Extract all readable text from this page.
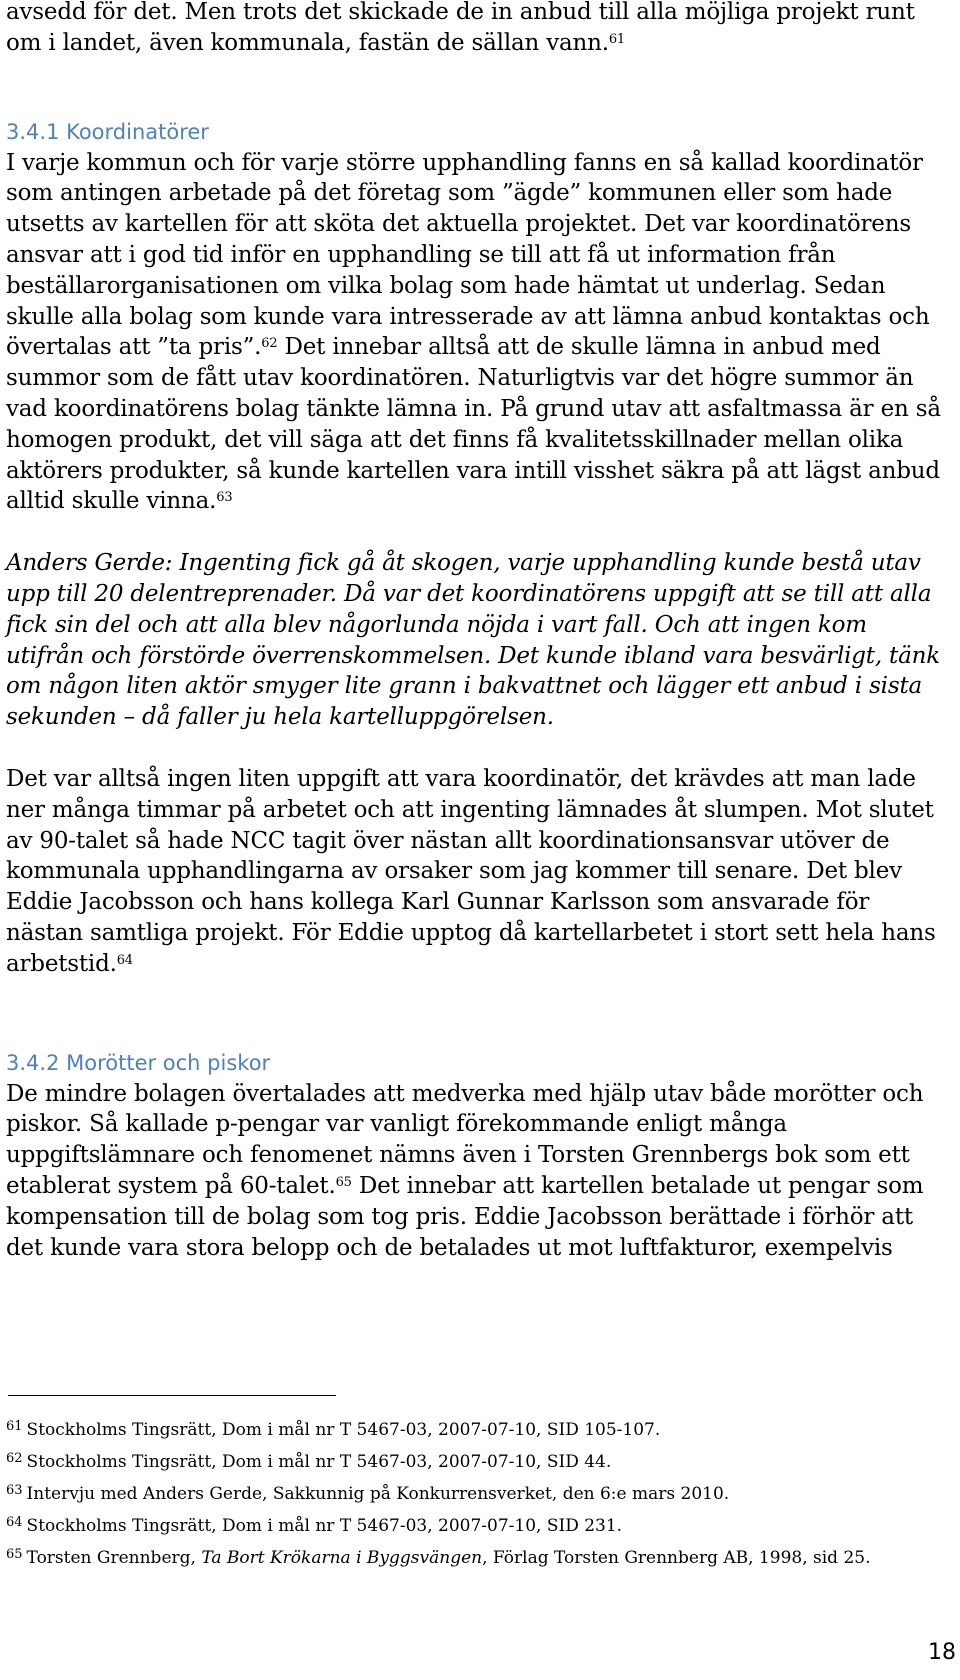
avsedd för det. Men trots det skickade de in anbud till alla möjliga projekt runt
om i landet, även kommunala, fastän de sällan vann.$^{61}$

3.4.1 Koordinatörer

I varje kommun och för varje större upphandling fanns en så kallad koordinatör som antingen arbetade på det företag som ”ägde” kommunen eller som hade utsetts av kartellen för att sköta det aktuella projektet. Det var koordinatörens ansvar att i god tid inför en upphandling se till att få ut information från beställarorganisationen om vilka bolag som hade hämtat ut underlag. Sedan skulle alla bolag som kunde vara intresserade av att lämna anbud kontaktas och övertalas att ”ta pris”.$^{62}$ Det innebar alltså att de skulle lämna in anbud med summor som de fått utav koordinatören. Naturligtvis var det högre summor än vad koordinatörens bolag tänkte lämna in. På grund utav att asfaltmassa är en så homogen produkt, det vill säga att det finns få kvalitetsskillnader mellan olika aktörers produkter, så kunde kartellen vara intill visshet säkra på att lägst anbud alltid skulle vinna.$^{63}$

Anders Gerde: Ingenting fick gå åt skogen, varje upphandling kunde bestå utav upp till 20 delentreprenader. Då var det koordinatörens uppgift att se till att alla fick sin del och att alla blev någorlunda nöjda i vart fall. Och att ingen kom utifrån och förstörde överrenskommelsen. Det kunde ibland vara besvärligt, tänk om någon liten aktör smyger lite grann i bakvattnet och lägger ett anbud i sista sekunden – då faller ju hela kartelluppgörelsen.

Det var alltså ingen liten uppgift att vara koordinatör, det krävdes att man lade ner många timmar på arbetet och att ingenting lämnades åt slumpen. Mot slutet av 90-talet så hade NCC tagit över nästan allt koordinationsansvar utöver de kommunala upphandlingarna av orsaker som jag kommer till senare. Det blev Eddie Jacobsson och hans kollega Karl Gunnar Karlsson som ansvarade för nästan samtliga projekt. För Eddie upptog då kartellarbetet i stort sett hela hans arbetstid.$^{64}$

3.4.2 Morötter och piskor

De mindre bolagen övertalades att medverka med hjälp utav både morötter och piskor. Så kallade p-pengar var vanligt förekommande enligt många uppgiftslämnare och fenomenet nämns även i Torsten Grennbergs bok som ett etablerat system på 60-talet.$^{65}$ Det innebar att kartellen betalade ut pengar som kompensation till de bolag som tog pris. Eddie Jacobsson berättade i förhör att det kunde vara stora belopp och de betalades ut mot luftfakturor, exempelvis

$^{61}$ Stockholms Tingsrätt, Dom i mål nr T 5467-03, 2007-07-10, SID 105-107.

$^{62}$ Stockholms Tingsrätt, Dom i mål nr T 5467-03, 2007-07-10, SID 44.

$^{63}$ Intervju med Anders Gerde, Sakkunnig på Konkurrensverket, den 6:e mars 2010.

$^{64}$ Stockholms Tingsrätt, Dom i mål nr T 5467-03, 2007-07-10, SID 231.

$^{65}$ Torsten Grennberg, Ta Bort Krökarna i Byggsvängen, Förlag Torsten Grennberg AB, 1998, sid 25.

18
